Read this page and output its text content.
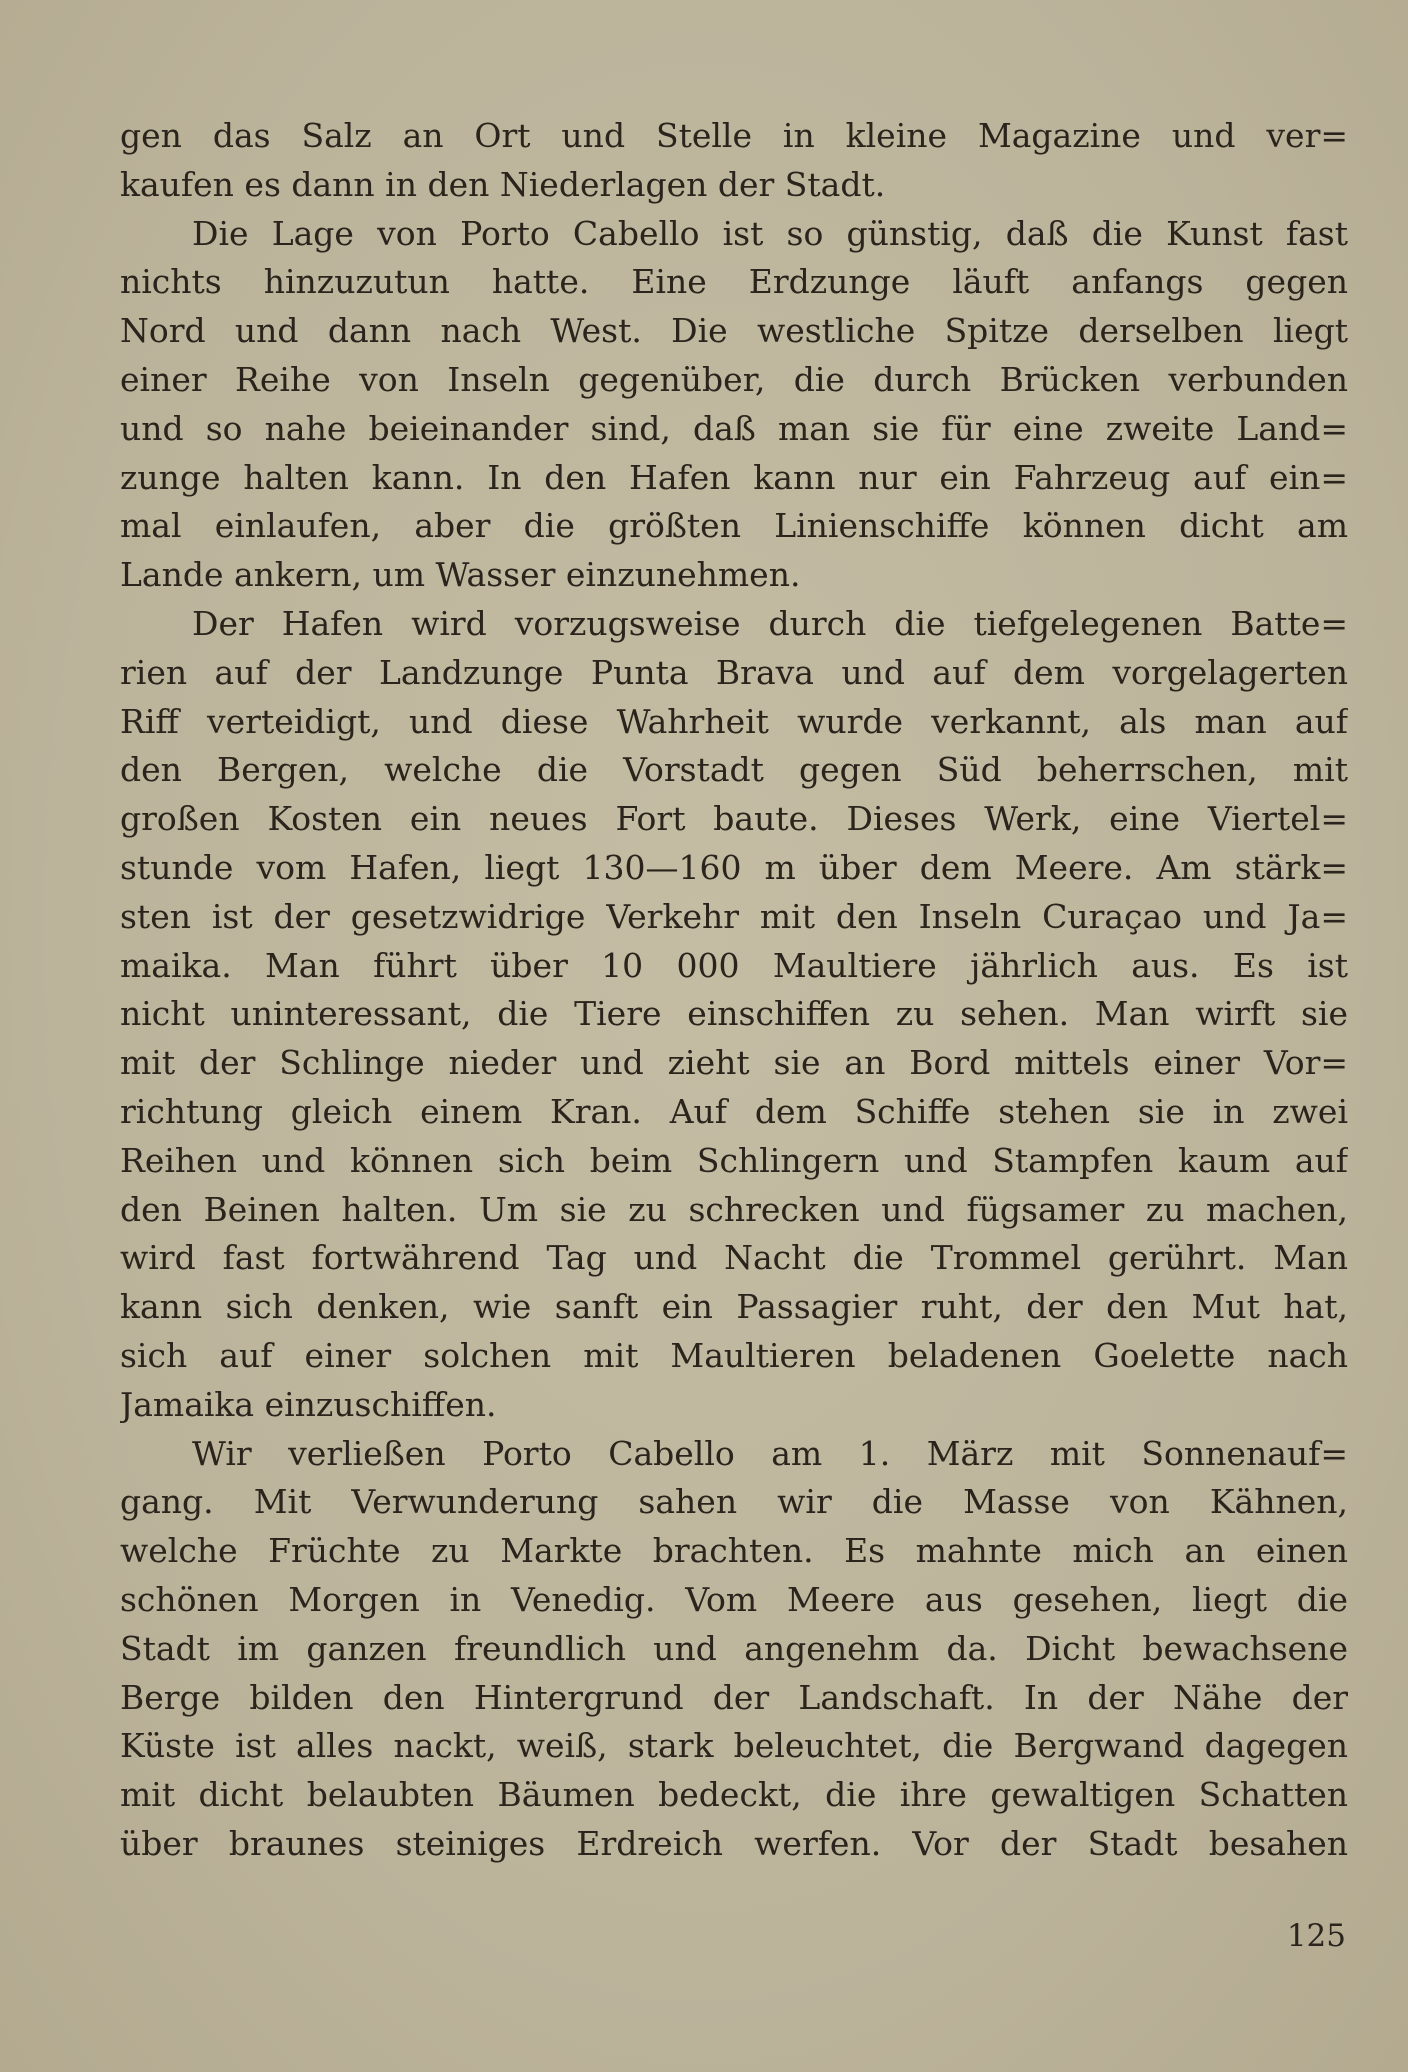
gen das Salz an Ort und Stelle in kleine Magazine und ver=
kaufen es dann in den Niederlagen der Stadt.
Die Lage von Porto Cabello ist so günstig, daß die Kunst fast
nichts hinzuzutun hatte. Eine Erdzunge läuft anfangs gegen
Nord und dann nach West. Die westliche Spitze derselben liegt
einer Reihe von Inseln gegenüber, die durch Brücken verbunden
und so nahe beieinander sind, daß man sie für eine zweite Land=
zunge halten kann. In den Hafen kann nur ein Fahrzeug auf ein=
mal einlaufen, aber die größten Linienschiffe können dicht am
Lande ankern, um Wasser einzunehmen.
Der Hafen wird vorzugsweise durch die tiefgelegenen Batte=
rien auf der Landzunge Punta Brava und auf dem vorgelagerten
Riff verteidigt, und diese Wahrheit wurde verkannt, als man auf
den Bergen, welche die Vorstadt gegen Süd beherrschen, mit
großen Kosten ein neues Fort baute. Dieses Werk, eine Viertel=
stunde vom Hafen, liegt 130—160 m über dem Meere. Am stärk=
sten ist der gesetzwidrige Verkehr mit den Inseln Curaçao und Ja=
maika. Man führt über 10 000 Maultiere jährlich aus. Es ist
nicht uninteressant, die Tiere einschiffen zu sehen. Man wirft sie
mit der Schlinge nieder und zieht sie an Bord mittels einer Vor=
richtung gleich einem Kran. Auf dem Schiffe stehen sie in zwei
Reihen und können sich beim Schlingern und Stampfen kaum auf
den Beinen halten. Um sie zu schrecken und fügsamer zu machen,
wird fast fortwährend Tag und Nacht die Trommel gerührt. Man
kann sich denken, wie sanft ein Passagier ruht, der den Mut hat,
sich auf einer solchen mit Maultieren beladenen Goelette nach
Jamaika einzuschiffen.
Wir verließen Porto Cabello am 1. März mit Sonnenauf=
gang. Mit Verwunderung sahen wir die Masse von Kähnen,
welche Früchte zu Markte brachten. Es mahnte mich an einen
schönen Morgen in Venedig. Vom Meere aus gesehen, liegt die
Stadt im ganzen freundlich und angenehm da. Dicht bewachsene
Berge bilden den Hintergrund der Landschaft. In der Nähe der
Küste ist alles nackt, weiß, stark beleuchtet, die Bergwand dagegen
mit dicht belaubten Bäumen bedeckt, die ihre gewaltigen Schatten
über braunes steiniges Erdreich werfen. Vor der Stadt besahen
125
